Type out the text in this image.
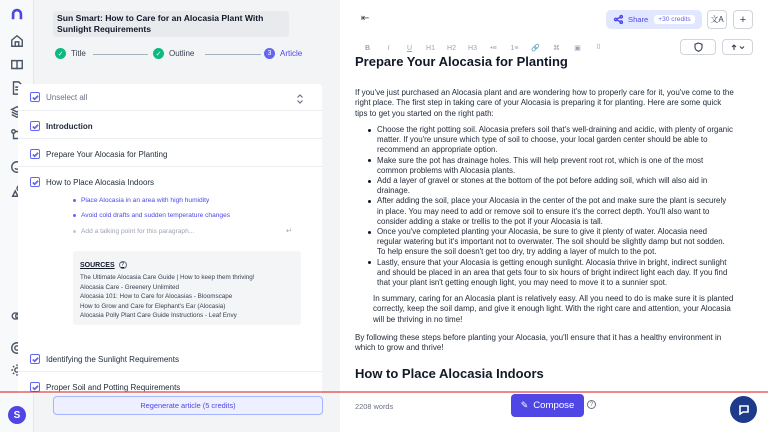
S
Sun Smart: How to Care for an Alocasia Plant With Sunlight Requirements
✓ Title	✓ Outline	3	Article
Unselect all
Introduction
Prepare Your Alocasia for Planting
How to Place Alocasia Indoors
Place Alocasia in an area with high humidity
Avoid cold drafts and sudden temperature changes
Add a talking point for this paragraph...	↵
SOURCES	?
The Ultimate Alocasia Care Guide | How to keep them thriving!
Alocasia Care - Greenery Unlimited
Alocasia 101: How to Care for Alocasias - Bloomscape
How to Grow and Care for Elephant's Ear (Alocasia)
Alocasia Polly Plant Care Guide Instructions - Leaf Envy
Identifying the Sunlight Requirements
Proper Soil and Potting Requirements
Regenerate article (5 credits)
⇤	Share	+30 credits	文A	+
B	I	U	H1	H2	H3	•≡	1≡	🔗	⌘	▣	⌷
Prepare Your Alocasia for Planting

If you've just purchased an Alocasia plant and are wondering how to properly care for it, you've come to the right place. The first step in taking care of your Alocasia is preparing it for planting. Here are some quick tips to get you started on the right path:

Choose the right potting soil. Alocasia prefers soil that's well-draining and acidic, with plenty of organic matter. If you're unsure which type of soil to choose, your local garden center should be able to recommend an appropriate option.
Make sure the pot has drainage holes. This will help prevent root rot, which is one of the most common problems with Alocasia plants.
Add a layer of gravel or stones at the bottom of the pot before adding soil, which will also aid in drainage.
After adding the soil, place your Alocasia in the center of the pot and make sure the plant is securely in place. You may need to add or remove soil to ensure it's the correct depth. You'll also want to consider adding a stake or trellis to the pot if your Alocasia is tall.
Once you've completed planting your Alocasia, be sure to give it plenty of water. Alocasia need regular watering but it's important not to overwater. The soil should be slightly damp but not sodden. To help ensure the soil doesn't get too dry, try adding a layer of mulch to the pot.
Lastly, ensure that your Alocasia is getting enough sunlight. Alocasia thrive in bright, indirect sunlight and should be placed in an area that gets four to six hours of bright indirect light each day. If you find that your plant isn't getting enough light, you may need to move it to a sunnier spot.

In summary, caring for an Alocasia plant is relatively easy. All you need to do is make sure it is planted correctly, keep the soil damp, and give it enough light. With the right care and attention, your Alocasia will be thriving in no time!

By following these steps before planting your Alocasia, you'll ensure that it has a healthy environment in which to grow and thrive!

How to Place Alocasia Indoors
2208 words	✎ Compose	?
